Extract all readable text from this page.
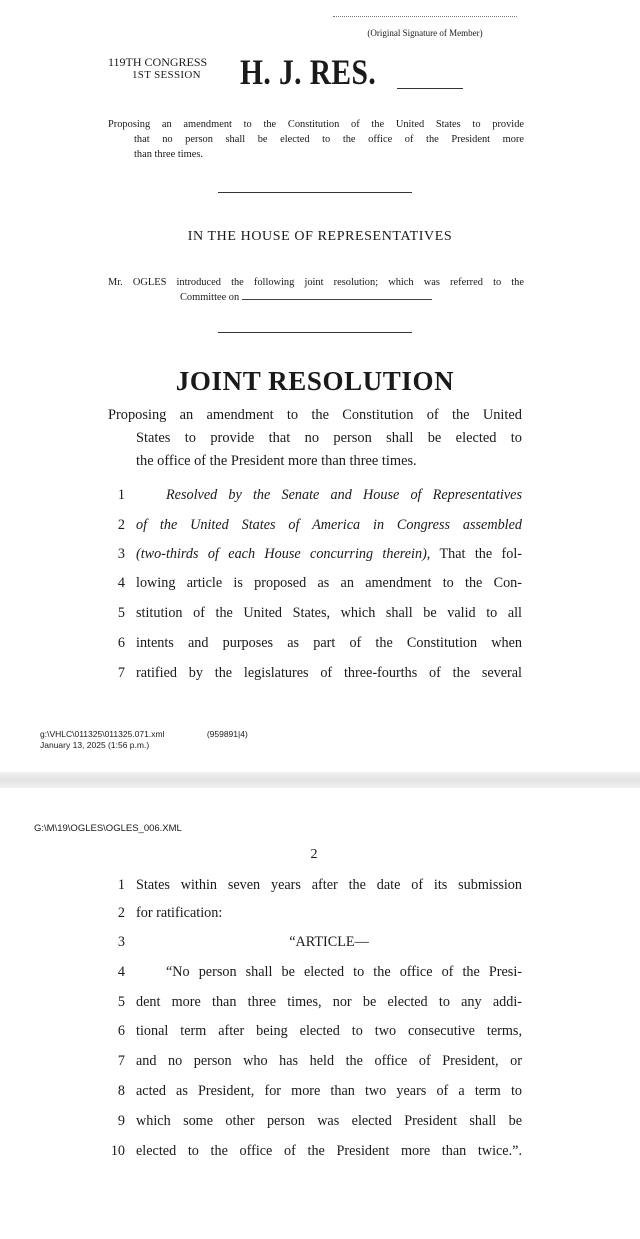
(Original Signature of Member)
119TH CONGRESS
1ST SESSION	H. J. RES.
Proposing an amendment to the Constitution of the United States to provide
that no person shall be elected to the office of the President more
than three times.
IN THE HOUSE OF REPRESENTATIVES
Mr. OGLES introduced the following joint resolution; which was referred to the
Committee on
JOINT RESOLUTION
Proposing an amendment to the Constitution of the United
States to provide that no person shall be elected to
the office of the President more than three times.
1	Resolved by the Senate and House of Representatives
2 of the United States of America in Congress assembled
3 (two-thirds of each House concurring therein), That the fol-
4 lowing article is proposed as an amendment to the Con-
5 stitution of the United States, which shall be valid to all
6 intents and purposes as part of the Constitution when
7 ratified by the legislatures of three-fourths of the several
g:\VHLC\011325\011325.071.xml	(959891|4)
January 13, 2025 (1:56 p.m.)
G:\M\19\OGLES\OGLES_006.XML
2
1 States within seven years after the date of its submission
2 for ratification:
3	“ARTICLE—
4	“No person shall be elected to the office of the Presi-
5 dent more than three times, nor be elected to any addi-
6 tional term after being elected to two consecutive terms,
7 and no person who has held the office of President, or
8 acted as President, for more than two years of a term to
9 which some other person was elected President shall be
10 elected to the office of the President more than twice.”.
